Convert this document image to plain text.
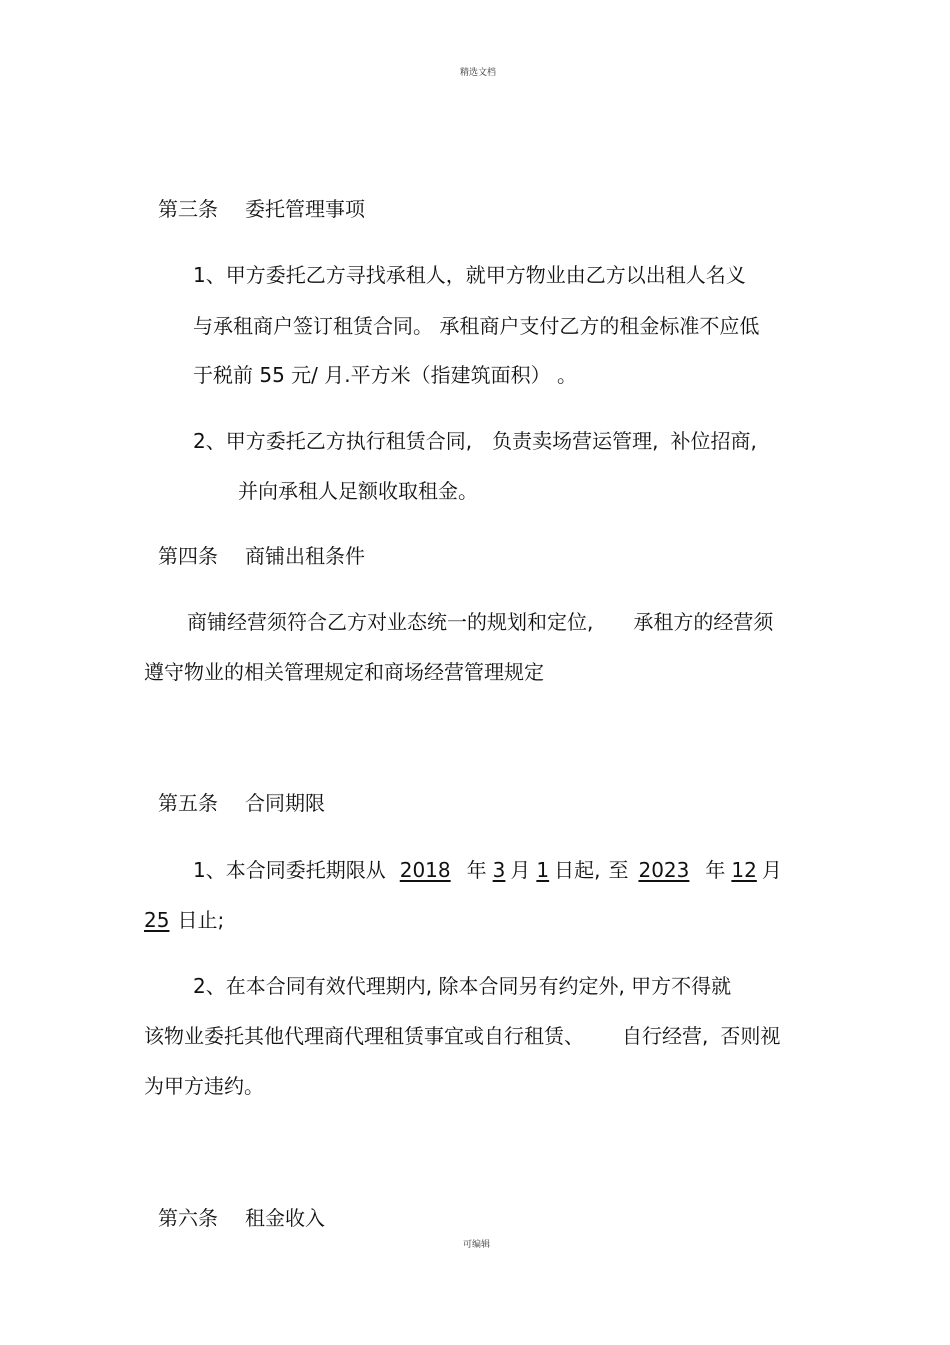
精选文档
可编辑
第三条 委托管理事项
1、甲方委托乙方寻找承租人，就甲方物业由乙方以出租人名义
与承租商户签订租赁合同。 承租商户支付乙方的租金标准不应低
于税前 55 元/ 月.平方米（指建筑面积） 。
2、甲方委托乙方执行租赁合同, 负责卖场营运管理, 补位招商,
并向承租人足额收取租金。
第四条 商铺出租条件
商铺经营须符合乙方对业态统一的规划和定位, 承租方的经营须
遵守物业的相关管理规定和商场经营管理规定
第五条 合同期限
1、本合同委托期限从 2018 年 3 月 1 日起, 至 2023 年 12 月
25 日止;
2、在本合同有效代理期内, 除本合同另有约定外, 甲方不得就
该物业委托其他代理商代理租赁事宜或自行租赁、 自行经营, 否则视
为甲方违约。
第六条 租金收入
